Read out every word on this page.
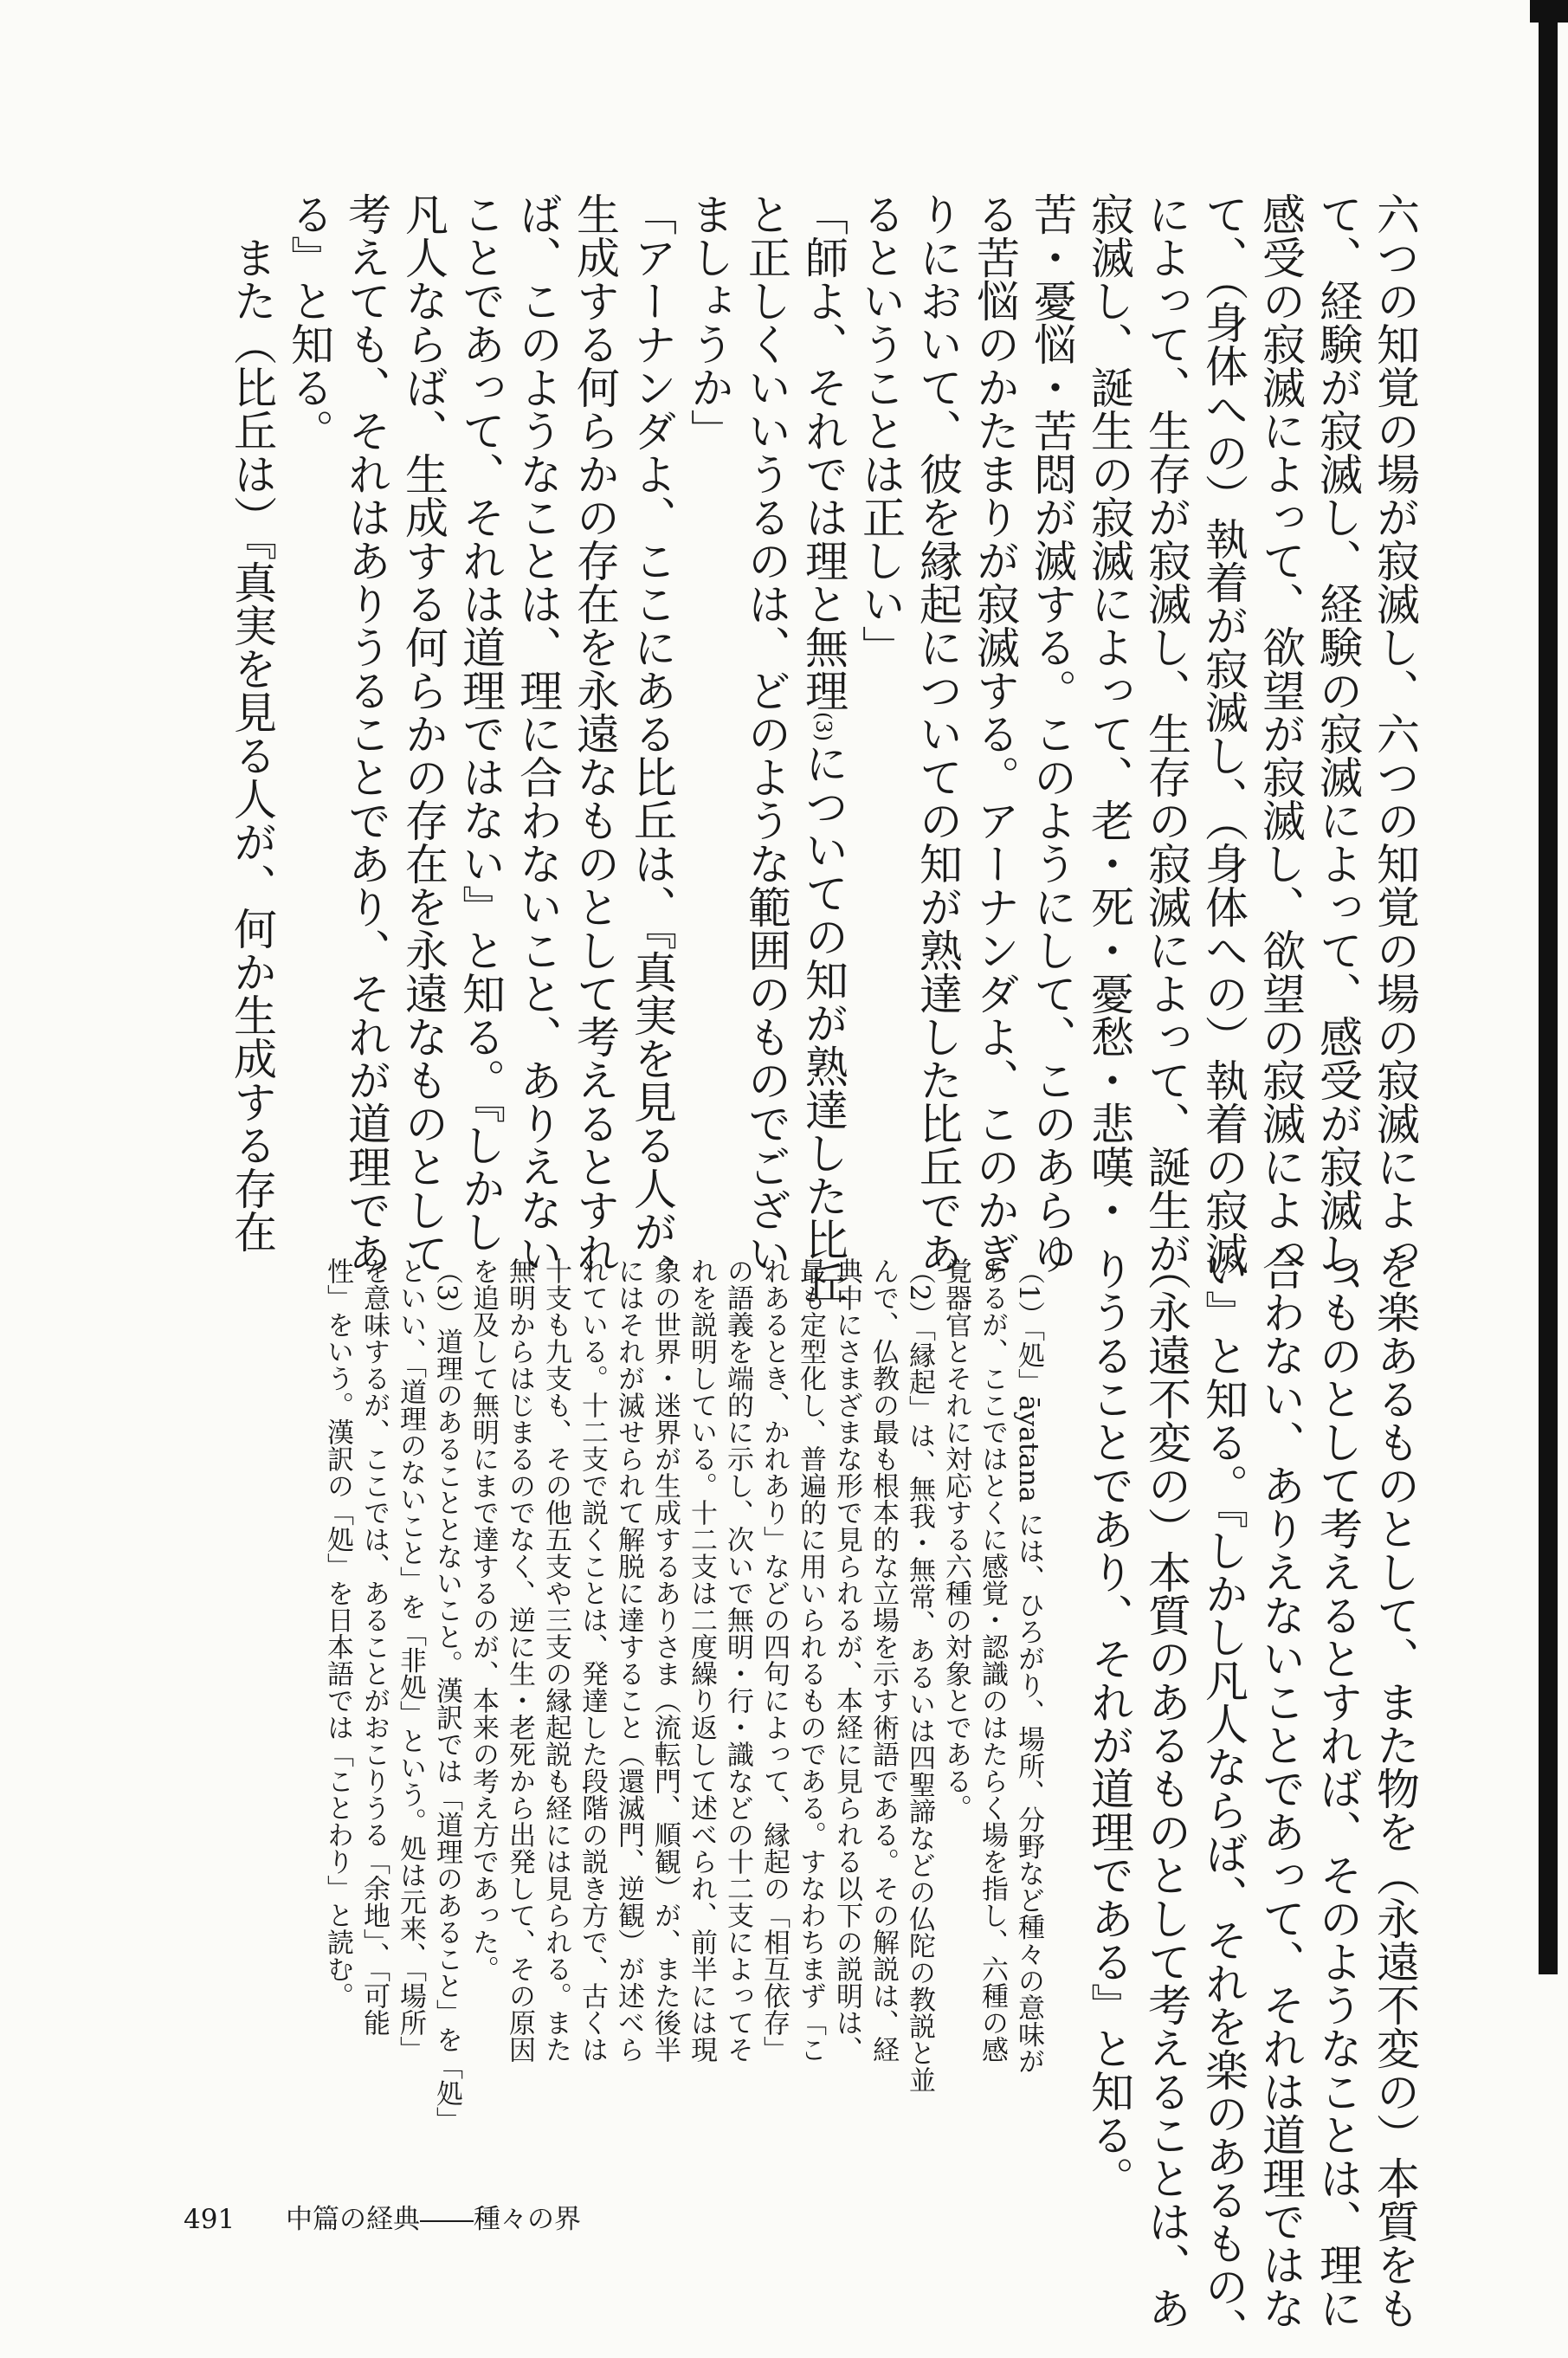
六つの知覚の場が寂滅し、六つの知覚の場の寂滅によっ
て、経験が寂滅し、経験の寂滅によって、感受が寂滅し、
感受の寂滅によって、欲望が寂滅し、欲望の寂滅によっ
て、（身体への）執着が寂滅し、（身体への）執着の寂滅
によって、生存が寂滅し、生存の寂滅によって、誕生が
寂滅し、誕生の寂滅によって、老・死・憂愁・悲嘆・
苦・憂悩・苦悶が滅する。このようにして、このあらゆ
る苦悩のかたまりが寂滅する。アーナンダよ、このかぎ
りにおいて、彼を縁起についての知が熟達した比丘であ
るということは正しい」
「師よ、それでは理と無理(3)についての知が熟達した比丘
と正しくいいうるのは、どのような範囲のものでござい
ましょうか」
「アーナンダよ、ここにある比丘は、『真実を見る人が、
生成する何らかの存在を永遠なものとして考えるとすれ
ば、このようなことは、理に合わないこと、ありえない
ことであって、それは道理ではない』と知る。『しかし
凡人ならば、生成する何らかの存在を永遠なものとして
考えても、それはありうることであり、それが道理であ
る』と知る。
　また（比丘は）『真実を見る人が、何か生成する存在
を楽あるものとして、また物を（永遠不変の）本質をも
つものとして考えるとすれば、そのようなことは、理に
合わない、ありえないことであって、それは道理ではな
い』と知る。『しかし凡人ならば、それを楽のあるもの、
（永遠不変の）本質のあるものとして考えることは、あ
りうることであり、それが道理である』と知る。
（1）「処」āyatana には、ひろがり、場所、分野など種々の意味が
あるが、ここではとくに感覚・認識のはたらく場を指し、六種の感
覚器官とそれに対応する六種の対象とである。
（2）「縁起」は、無我・無常、あるいは四聖諦などの仏陀の教説と並
んで、仏教の最も根本的な立場を示す術語である。その解説は、経
典中にさまざまな形で見られるが、本経に見られる以下の説明は、
最も定型化し、普遍的に用いられるものである。すなわちまず「こ
れあるとき、かれあり」などの四句によって、縁起の「相互依存」
の語義を端的に示し、次いで無明・行・識などの十二支によってそ
れを説明している。十二支は二度繰り返して述べられ、前半には現
象の世界・迷界が生成するありさま（流転門、順観）が、また後半
にはそれが滅せられて解脱に達すること（還滅門、逆観）が述べら
れている。十二支で説くことは、発達した段階の説き方で、古くは
十支も九支も、その他五支や三支の縁起説も経には見られる。また
無明からはじまるのでなく、逆に生・老死から出発して、その原因
を追及して無明にまで達するのが、本来の考え方であった。
（3）道理のあることとないこと。漢訳では「道理のあること」を「処」
といい、「道理のないこと」を「非処」という。処は元来、「場所」
を意味するが、ここでは、あることがおこりうる「余地」、「可能
性」をいう。漢訳の「処」を日本語では「ことわり」と読む。
491 中篇の経典――種々の界
